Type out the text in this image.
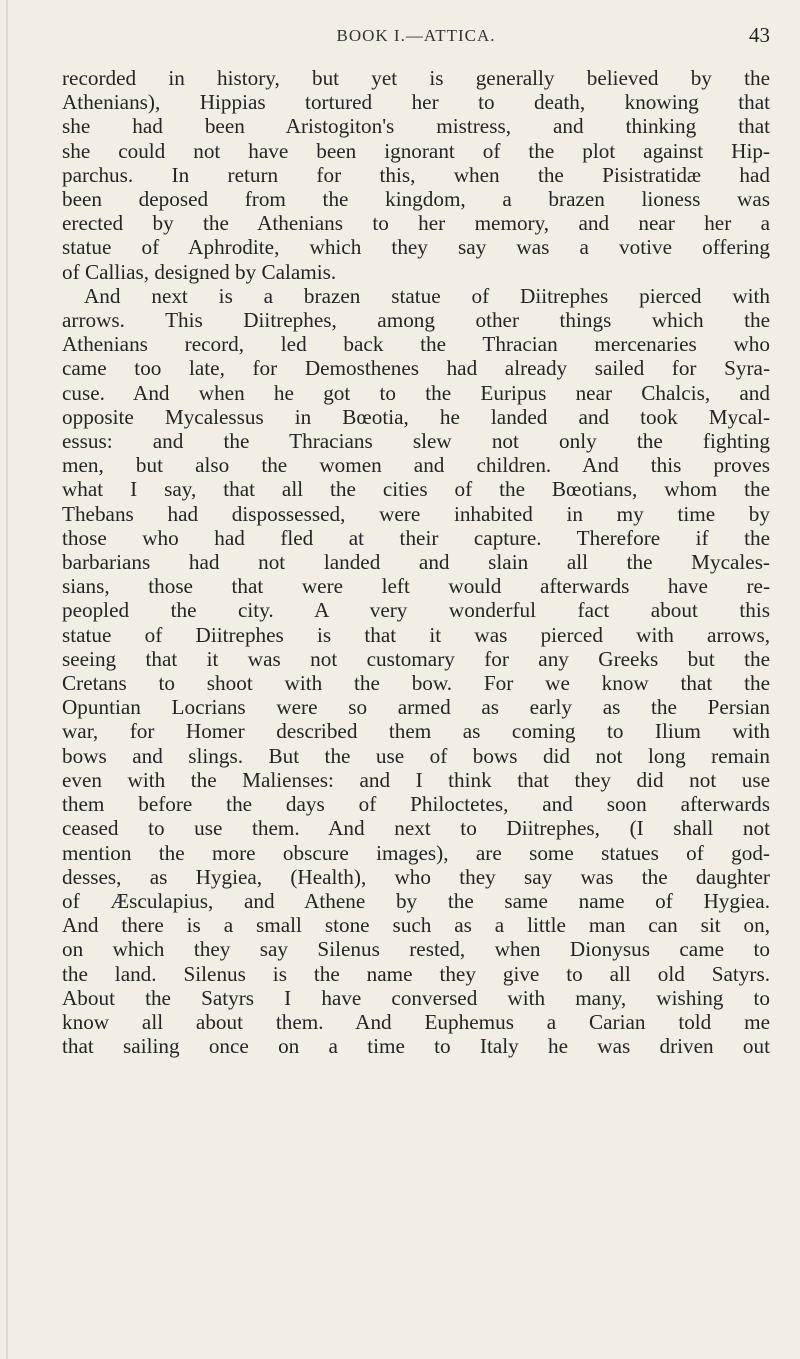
BOOK I.—ATTICA.	43
recorded in history, but yet is generally believed by the
Athenians), Hippias tortured her to death, knowing that
she had been Aristogiton's mistress, and thinking that
she could not have been ignorant of the plot against Hip-
parchus. In return for this, when the Pisistratidæ had
been deposed from the kingdom, a brazen lioness was
erected by the Athenians to her memory, and near her a
statue of Aphrodite, which they say was a votive offering
of Callias, designed by Calamis.
And next is a brazen statue of Diitrephes pierced with
arrows. This Diitrephes, among other things which the
Athenians record, led back the Thracian mercenaries who
came too late, for Demosthenes had already sailed for Syra-
cuse. And when he got to the Euripus near Chalcis, and
opposite Mycalessus in Bœotia, he landed and took Mycal-
essus: and the Thracians slew not only the fighting
men, but also the women and children. And this proves
what I say, that all the cities of the Bœotians, whom the
Thebans had dispossessed, were inhabited in my time by
those who had fled at their capture. Therefore if the
barbarians had not landed and slain all the Mycales-
sians, those that were left would afterwards have re-
peopled the city. A very wonderful fact about this
statue of Diitrephes is that it was pierced with arrows,
seeing that it was not customary for any Greeks but the
Cretans to shoot with the bow. For we know that the
Opuntian Locrians were so armed as early as the Persian
war, for Homer described them as coming to Ilium with
bows and slings. But the use of bows did not long remain
even with the Malienses: and I think that they did not use
them before the days of Philoctetes, and soon afterwards
ceased to use them. And next to Diitrephes, (I shall not
mention the more obscure images), are some statues of god-
desses, as Hygiea, (Health), who they say was the daughter
of Æsculapius, and Athene by the same name of Hygiea.
And there is a small stone such as a little man can sit on,
on which they say Silenus rested, when Dionysus came to
the land. Silenus is the name they give to all old Satyrs.
About the Satyrs I have conversed with many, wishing to
know all about them. And Euphemus a Carian told me
that sailing once on a time to Italy he was driven out
